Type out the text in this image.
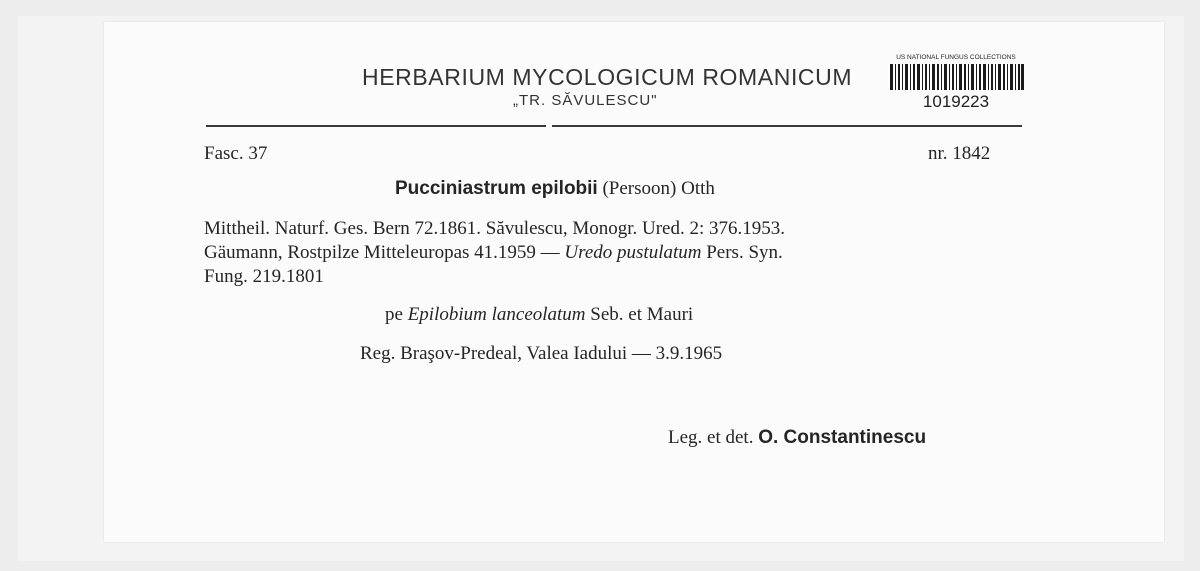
HERBARIUM MYCOLOGICUM ROMANICUM
„TR. SĂVULESCU"
US NATIONAL FUNGUS COLLECTIONS
1019223
Fasc. 37	nr. 1842
Pucciniastrum epilobii (Persoon) Otth
Mittheil. Naturf. Ges. Bern 72.1861. Săvulescu, Monogr. Ured. 2: 376.1953.
Gäumann, Rostpilze Mitteleuropas 41.1959 — Uredo pustulatum Pers. Syn.
Fung. 219.1801
pe Epilobium lanceolatum Seb. et Mauri
Reg. Braşov-Predeal, Valea Iadului — 3.9.1965
Leg. et det. O. Constantinescu
